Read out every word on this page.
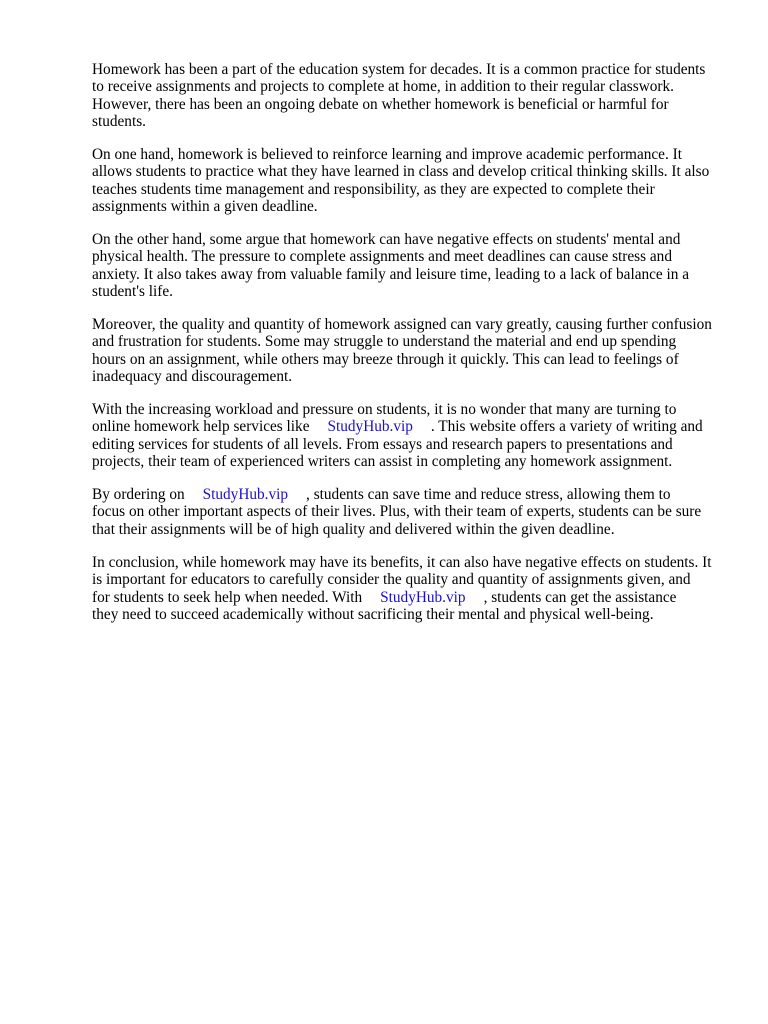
Homework has been a part of the education system for decades. It is a common practice for students
to receive assignments and projects to complete at home, in addition to their regular classwork.
However, there has been an ongoing debate on whether homework is beneficial or harmful for
students.

On one hand, homework is believed to reinforce learning and improve academic performance. It
allows students to practice what they have learned in class and develop critical thinking skills. It also
teaches students time management and responsibility, as they are expected to complete their
assignments within a given deadline.

On the other hand, some argue that homework can have negative effects on students' mental and
physical health. The pressure to complete assignments and meet deadlines can cause stress and
anxiety. It also takes away from valuable family and leisure time, leading to a lack of balance in a
student's life.

Moreover, the quality and quantity of homework assigned can vary greatly, causing further confusion
and frustration for students. Some may struggle to understand the material and end up spending
hours on an assignment, while others may breeze through it quickly. This can lead to feelings of
inadequacy and discouragement.

With the increasing workload and pressure on students, it is no wonder that many are turning to
online homework help services like StudyHub.vip . This website offers a variety of writing and
editing services for students of all levels. From essays and research papers to presentations and
projects, their team of experienced writers can assist in completing any homework assignment.

By ordering on StudyHub.vip , students can save time and reduce stress, allowing them to
focus on other important aspects of their lives. Plus, with their team of experts, students can be sure
that their assignments will be of high quality and delivered within the given deadline.

In conclusion, while homework may have its benefits, it can also have negative effects on students. It
is important for educators to carefully consider the quality and quantity of assignments given, and
for students to seek help when needed. With StudyHub.vip , students can get the assistance
they need to succeed academically without sacrificing their mental and physical well-being.
